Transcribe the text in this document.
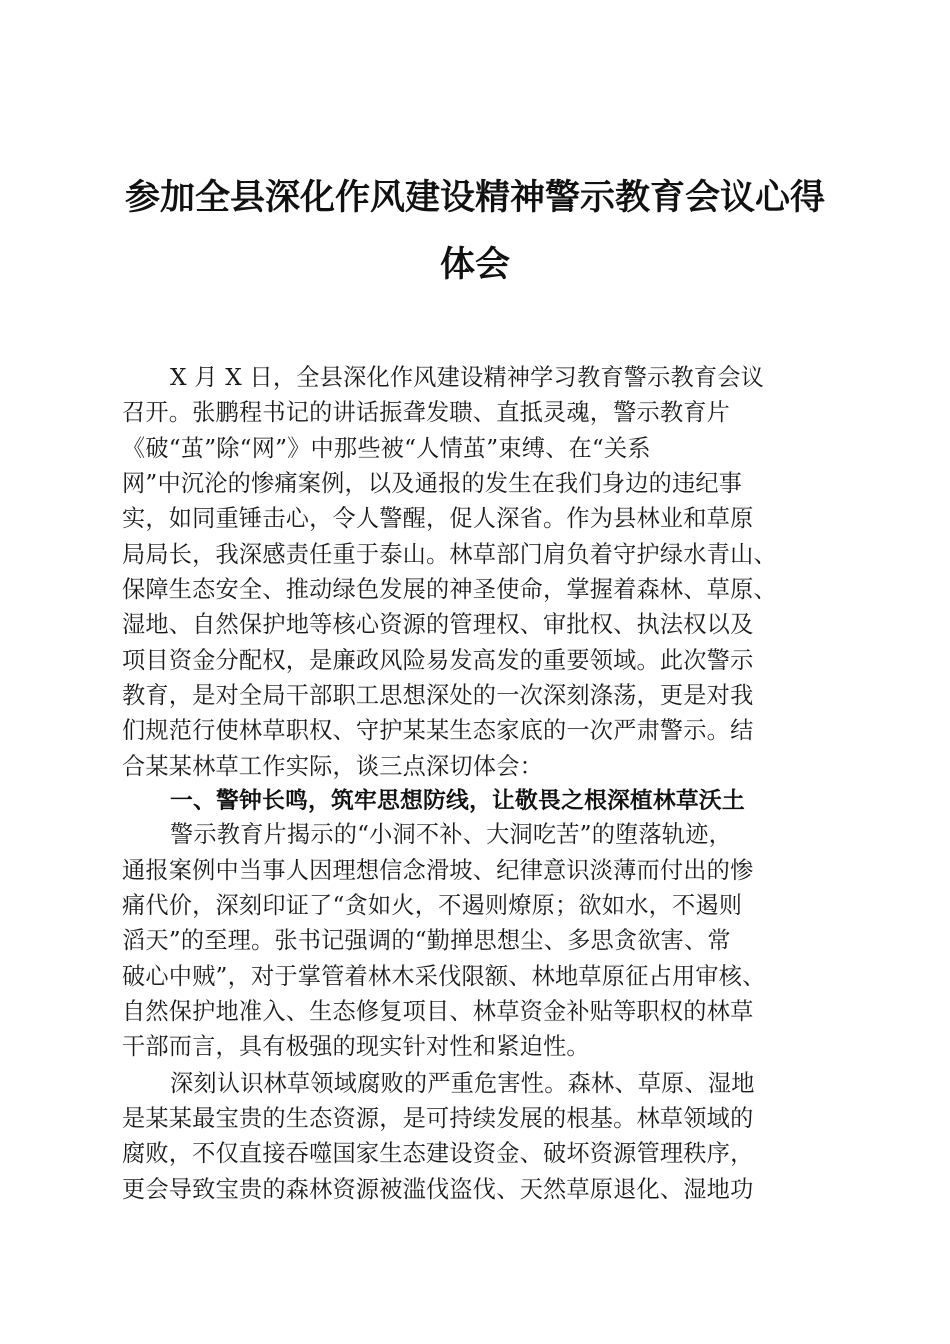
参加全县深化作风建设精神警示教育会议心得
体会
X 月 X 日，全县深化作风建设精神学习教育警示教育会议
召开。张鹏程书记的讲话振聋发聩、直抵灵魂，警示教育片
《破“茧”除“网”》中那些被“人情茧”束缚、在“关系
网”中沉沦的惨痛案例，以及通报的发生在我们身边的违纪事
实，如同重锤击心，令人警醒，促人深省。作为县林业和草原
局局长，我深感责任重于泰山。林草部门肩负着守护绿水青山、
保障生态安全、推动绿色发展的神圣使命，掌握着森林、草原、
湿地、自然保护地等核心资源的管理权、审批权、执法权以及
项目资金分配权，是廉政风险易发高发的重要领域。此次警示
教育，是对全局干部职工思想深处的一次深刻涤荡，更是对我
们规范行使林草职权、守护某某生态家底的一次严肃警示。结
合某某林草工作实际，谈三点深切体会：
一、警钟长鸣，筑牢思想防线，让敬畏之根深植林草沃土
警示教育片揭示的“小洞不补、大洞吃苦”的堕落轨迹，
通报案例中当事人因理想信念滑坡、纪律意识淡薄而付出的惨
痛代价，深刻印证了“贪如火，不遏则燎原；欲如水，不遏则
滔天”的至理。张书记强调的“勤掸思想尘、多思贪欲害、常
破心中贼”，对于掌管着林木采伐限额、林地草原征占用审核、
自然保护地准入、生态修复项目、林草资金补贴等职权的林草
干部而言，具有极强的现实针对性和紧迫性。
深刻认识林草领域腐败的严重危害性。森林、草原、湿地
是某某最宝贵的生态资源，是可持续发展的根基。林草领域的
腐败，不仅直接吞噬国家生态建设资金、破坏资源管理秩序，
更会导致宝贵的森林资源被滥伐盗伐、天然草原退化、湿地功
